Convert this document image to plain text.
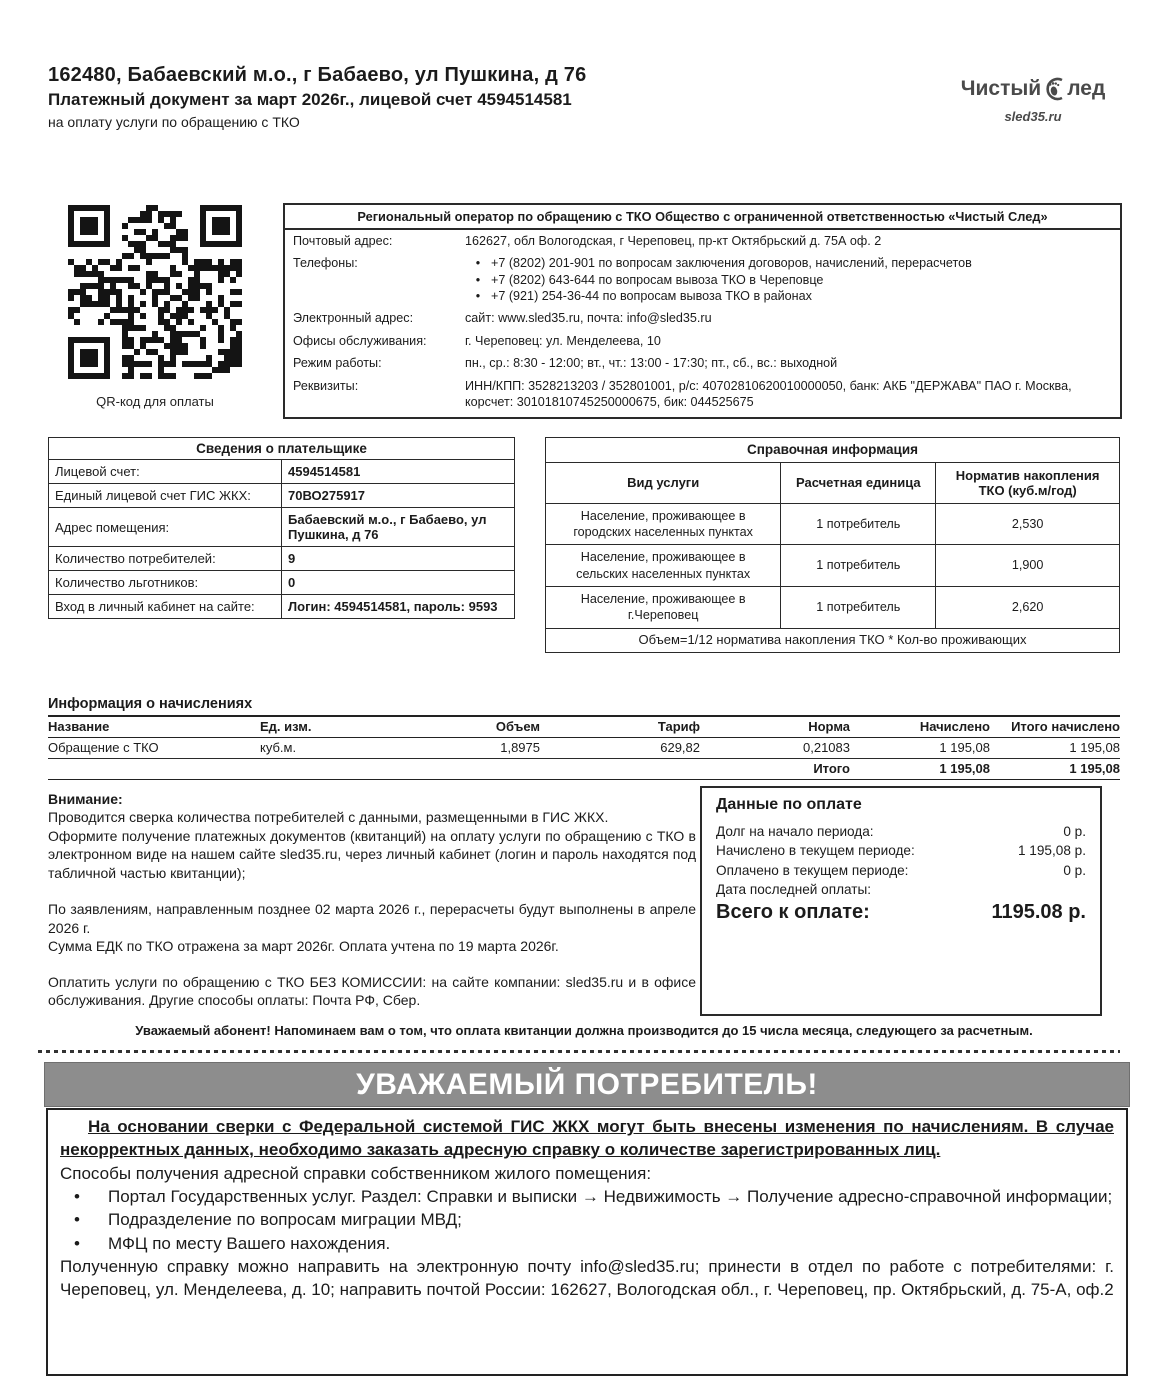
162480, Бабаевский м.о., г Бабаево, ул Пушкина, д 76
Платежный документ за март 2026г., лицевой счет 4594514581
на оплату услуги по обращению с ТКО
Чистый лед
sled35.ru
QR-код для оплаты
Региональный оператор по обращению с ТКО Общество с ограниченной ответственностью «Чистый След»
Почтовый адрес:	162627, обл Вологодская, г Череповец, пр-кт Октябрьский д. 75А оф. 2
Телефоны:	• +7 (8202) 201-901 по вопросам заключения договоров, начислений, перерасчетов
• +7 (8202) 643-644 по вопросам вывоза ТКО в Череповце
• +7 (921) 254-36-44 по вопросам вывоза ТКО в районах
Электронный адрес:	сайт: www.sled35.ru, почта: info@sled35.ru
Офисы обслуживания:	г. Череповец: ул. Менделеева, 10
Режим работы:	пн., ср.: 8:30 - 12:00; вт., чт.: 13:00 - 17:30; пт., сб., вс.: выходной
Реквизиты:	ИНН/КПП: 3528213203 / 352801001, р/с: 40702810620010000050, банк: АКБ "ДЕРЖАВА" ПАО г. Москва, корсчет: 30101810745250000675, бик: 044525675
Сведения о плательщике	
Лицевой счет:	4594514581
Единый лицевой счет ГИС ЖКХ:	70ВО275917
Адрес помещения:	Бабаевский м.о., г Бабаево, ул Пушкина, д 76
Количество потребителей:	9
Количество льготников:	0
Вход в личный кабинет на сайте:	Логин: 4594514581, пароль: 9593
Справочная информация		
Вид услуги	Расчетная единица	Норматив накопления ТКО (куб.м/год)
Население, проживающее в городских населенных пунктах	1 потребитель	2,530
Население, проживающее в сельских населенных пунктах	1 потребитель	1,900
Население, проживающее в г.Череповец	1 потребитель	2,620
Объем=1/12 норматива накопления ТКО * Кол-во проживающих		
Информация о начислениях
Название	Ед. изм.	Объем	Тариф	Норма	Начислено	Итого начислено
Обращение с ТКО	куб.м.	1,8975	629,82	0,21083	1 195,08	1 195,08
				Итого	1 195,08	1 195,08

Внимание:

Проводится сверка количества потребителей с данными, размещенными в ГИС ЖКХ.

Оформите получение платежных документов (квитанций) на оплату услуги по обращению с ТКО в электронном виде на нашем сайте sled35.ru, через личный кабинет (логин и пароль находятся под табличной частью квитанции);

По заявлениям, направленным позднее 02 марта 2026 г., перерасчеты будут выполнены в апреле 2026 г.

Сумма ЕДК по ТКО отражена за март 2026г. Оплата учтена по 19 марта 2026г.

Оплатить услуги по обращению с ТКО БЕЗ КОМИССИИ: на сайте компании: sled35.ru и в офисе обслуживания. Другие способы оплаты: Почта РФ, Сбер.
Данные по оплате
Долг на начало периода:	0 р.
Начислено в текущем периоде:	1 195,08 р.
Оплачено в текущем периоде:	0 р.
Дата последней оплаты:
Всего к оплате:	1195.08 р.
Уважаемый абонент! Напоминаем вам о том, что оплата квитанции должна производится до 15 числа месяца, следующего за расчетным.
УВАЖАЕМЫЙ ПОТРЕБИТЕЛЬ!
На основании сверки с Федеральной системой ГИС ЖКХ могут быть внесены изменения по начислениям. В случае некорректных данных, необходимо заказать адресную справку о количестве зарегистрированных лиц.
Способы получения адресной справки собственником жилого помещения:
•	Портал Государственных услуг. Раздел: Справки и выписки → Недвижимость → Получение адресно-справочной информации;
•	Подразделение по вопросам миграции МВД;
•	МФЦ по месту Вашего нахождения.
Полученную справку можно направить на электронную почту info@sled35.ru; принести в отдел по работе с потребителями: г. Череповец, ул. Менделеева, д. 10; направить почтой России: 162627, Вологодская обл., г. Череповец, пр. Октябрьский, д. 75-А, оф.2
